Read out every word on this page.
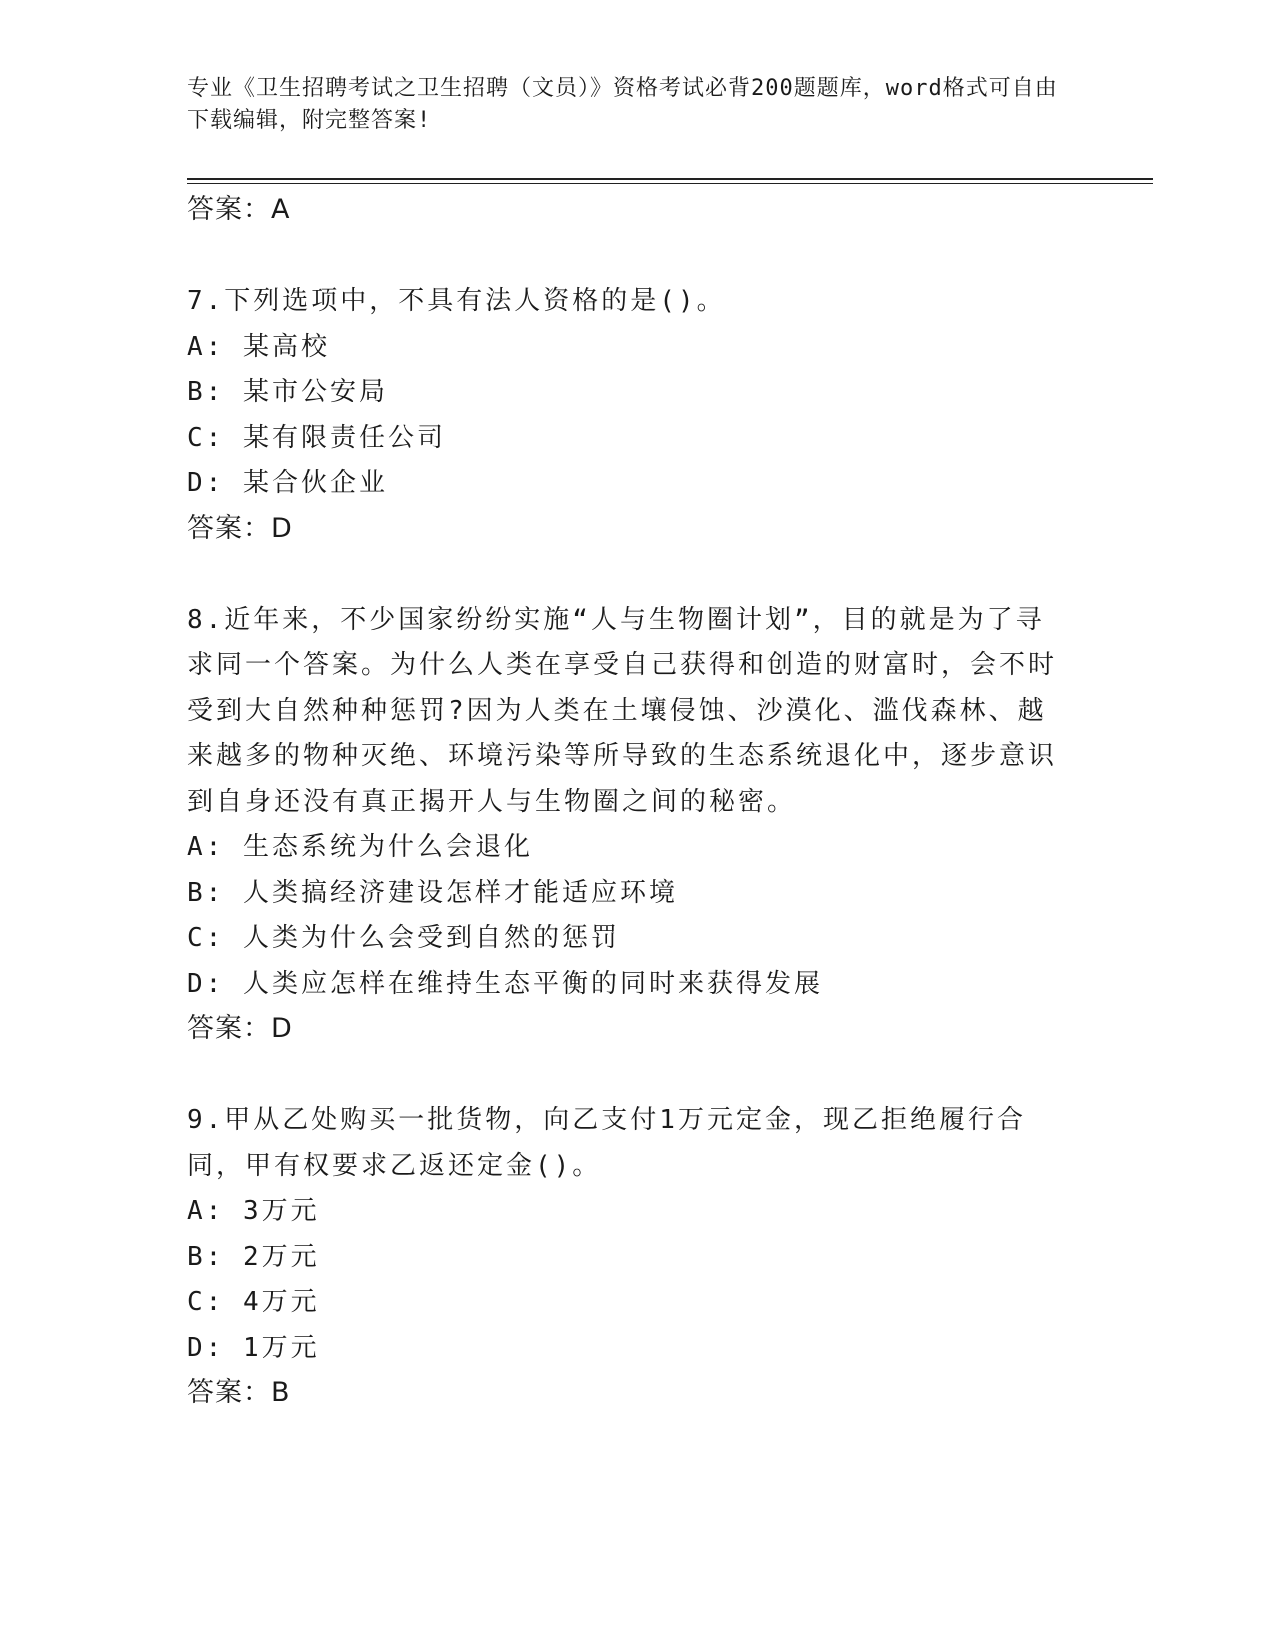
专业《卫生招聘考试之卫生招聘（文员）》资格考试必背200题题库，word格式可自由下载编辑，附完整答案!
答案：A
7.下列选项中，不具有法人资格的是()。
A: 某高校
B: 某市公安局
C: 某有限责任公司
D: 某合伙企业
答案：D
8.近年来，不少国家纷纷实施“人与生物圈计划”，目的就是为了寻求同一个答案。为什么人类在享受自己获得和创造的财富时，会不时受到大自然种种惩罚?因为人类在土壤侵蚀、沙漠化、滥伐森林、越来越多的物种灭绝、环境污染等所导致的生态系统退化中，逐步意识到自身还没有真正揭开人与生物圈之间的秘密。
A: 生态系统为什么会退化
B: 人类搞经济建设怎样才能适应环境
C: 人类为什么会受到自然的惩罚
D: 人类应怎样在维持生态平衡的同时来获得发展
答案：D
9.甲从乙处购买一批货物，向乙支付1万元定金，现乙拒绝履行合同，甲有权要求乙返还定金()。
A: 3万元
B: 2万元
C: 4万元
D: 1万元
答案：B
